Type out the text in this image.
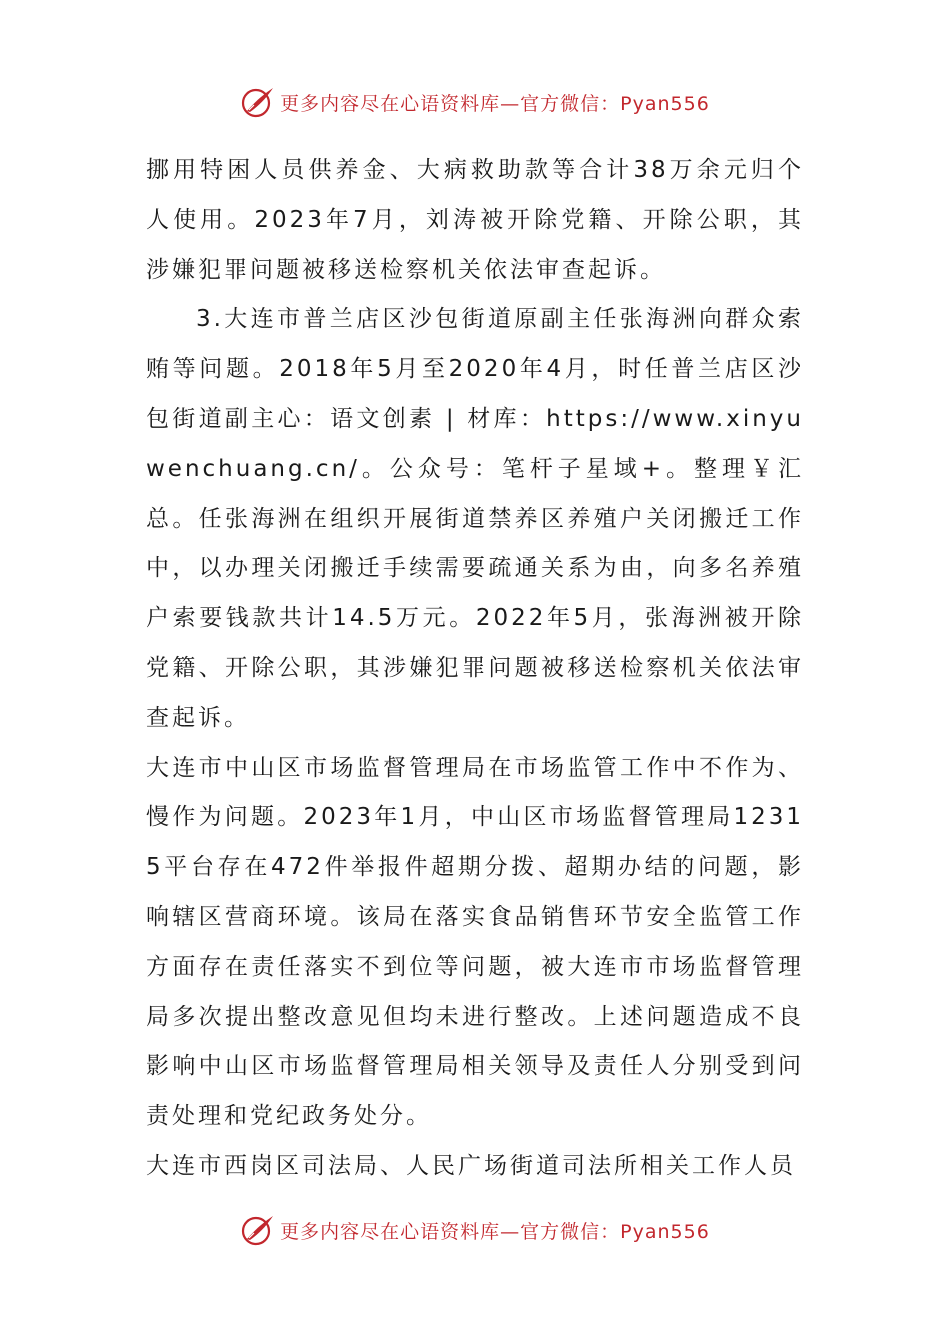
更多内容尽在心语资料库—官方微信：Pyan556

挪用特困人员供养金、大病救助款等合计38万余元归个人使用。2023年7月，刘涛被开除党籍、开除公职，其涉嫌犯罪问题被移送检察机关依法审查起诉。

3.大连市普兰店区沙包街道原副主任张海洲向群众索贿等问题。2018年5月至2020年4月，时任普兰店区沙包街道副主心：语文创素 | 材库：https://www.xinyuwenchuang.cn/。公众号：笔杆子星域+。整理￥汇总。任张海洲在组织开展街道禁养区养殖户关闭搬迁工作中，以办理关闭搬迁手续需要疏通关系为由，向多名养殖户索要钱款共计14.5万元。2022年5月，张海洲被开除党籍、开除公职，其涉嫌犯罪问题被移送检察机关依法审查起诉。

大连市中山区市场监督管理局在市场监管工作中不作为、慢作为问题。2023年1月，中山区市场监督管理局12315平台存在472件举报件超期分拨、超期办结的问题，影响辖区营商环境。该局在落实食品销售环节安全监管工作方面存在责任落实不到位等问题，被大连市市场监督管理局多次提出整改意见但均未进行整改。上述问题造成不良影响中山区市场监督管理局相关领导及责任人分别受到问责处理和党纪政务处分。

大连市西岗区司法局、人民广场街道司法所相关工作人员

更多内容尽在心语资料库—官方微信：Pyan556
